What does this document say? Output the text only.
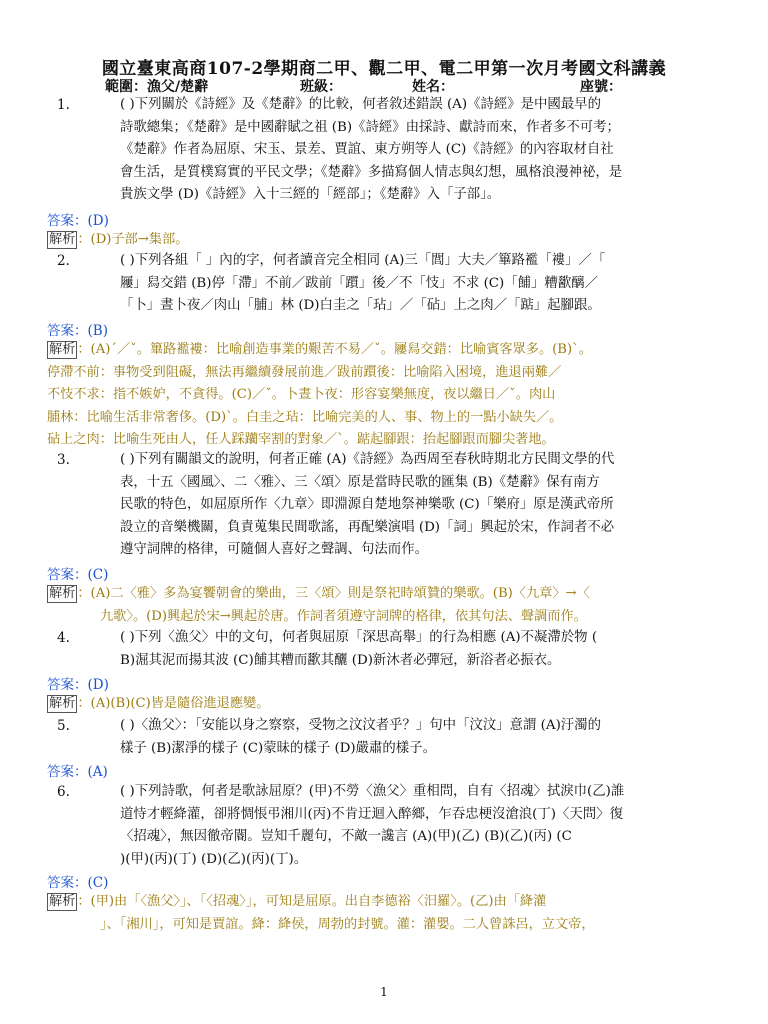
國立臺東高商107-2學期商二甲、觀二甲、電二甲第一次月考國文科講義
範圍：漁父/楚辭	班級：	姓名：	座號：
1.	( )下列關於《詩經》及《楚辭》的比較，何者敘述錯誤 (A)《詩經》是中國最早的
詩歌總集；《楚辭》是中國辭賦之祖 (B)《詩經》由採詩、獻詩而來，作者多不可考；
《楚辭》作者為屈原、宋玉、景差、賈誼、東方朔等人 (C)《詩經》的內容取材自社
會生活，是質樸寫實的平民文學；《楚辭》多描寫個人情志與幻想，風格浪漫神祕，是
貴族文學 (D)《詩經》入十三經的「經部」；《楚辭》入「子部」。
答案：(D)
解析 ：(D)子部→集部。
2.	( )下列各組「 」內的字，何者讀音完全相同 (A)三「閭」大夫／篳路襤「褸」／「
屨」舄交錯 (B)停「滯」不前／跋前「躓」後／不「忮」不求 (C)「餔」糟歠醨／
「卜」晝卜夜／肉山「脯」林 (D)白圭之「玷」／「砧」上之肉／「踮」起腳跟。
答案：(B)
解析 ：(A)ˊ／ˇ。篳路襤褸：比喻創造事業的艱苦不易／ˇ。屨舄交錯：比喻賓客眾多。(B)ˋ。
停滯不前：事物受到阻礙，無法再繼續發展前進／跋前躓後：比喻陷入困境，進退兩難／
不忮不求：指不嫉妒，不貪得。(C)／ˇ。卜晝卜夜：形容宴樂無度，夜以繼日／ˇ。肉山
脯林：比喻生活非常奢侈。(D)ˋ。白圭之玷：比喻完美的人、事、物上的一點小缺失／。
砧上之肉：比喻生死由人，任人踩躪宰割的對象／ˋ。踮起腳跟：抬起腳跟而腳尖著地。
3.	( )下列有關韻文的說明，何者正確 (A)《詩經》為西周至春秋時期北方民間文學的代
表，十五〈國風〉、二〈雅〉、三〈頌〉原是當時民歌的匯集 (B)《楚辭》保有南方
民歌的特色，如屈原所作〈九章〉即淵源自楚地祭神樂歌 (C)「樂府」原是漢武帝所
設立的音樂機關，負責蒐集民間歌謠，再配樂演唱 (D)「詞」興起於宋，作詞者不必
遵守詞牌的格律，可隨個人喜好之聲調、句法而作。
答案：(C)
解析 ：(A)二〈雅〉多為宴饗朝會的樂曲，三〈頌〉則是祭祀時頌贊的樂歌。(B)〈九章〉→〈
九歌〉。(D)興起於宋→興起於唐。作詞者須遵守詞牌的格律，依其句法、聲調而作。
4.	( )下列〈漁父〉中的文句，何者與屈原「深思高舉」的行為相應 (A)不凝滯於物 (
B)淈其泥而揚其波 (C)餔其糟而歠其釃 (D)新沐者必彈冠，新浴者必振衣。
答案：(D)
解析 ：(A)(B)(C)皆是隨俗進退應變。
5.	( )〈漁父〉：「安能以身之察察，受物之汶汶者乎？」句中「汶汶」意謂 (A)汙濁的
樣子 (B)潔淨的樣子 (C)蒙昧的樣子 (D)嚴肅的樣子。
答案：(A)
6.	( )下列詩歌，何者是歌詠屈原？(甲)不勞〈漁父〉重相問，自有〈招魂〉拭淚巾(乙)誰
道恃才輕絳灌，卻將惆悵弔湘川(丙)不肯迂迴入醉鄉，乍吞忠梗沒滄浪(丁)〈天問〉復
〈招魂〉，無因徹帝閽。豈知千麗句，不敵一讒言 (A)(甲)(乙) (B)(乙)(丙) (C
)(甲)(丙)(丁) (D)(乙)(丙)(丁)。
答案：(C)
解析 ：(甲)由「〈漁父〉」、「〈招魂〉」，可知是屈原。出自李德裕〈汨羅〉。(乙)由「絳灌
」、「湘川」，可知是賈誼。絳：絳侯，周勃的封號。灌：灌嬰。二人曾誅呂，立文帝，
1
